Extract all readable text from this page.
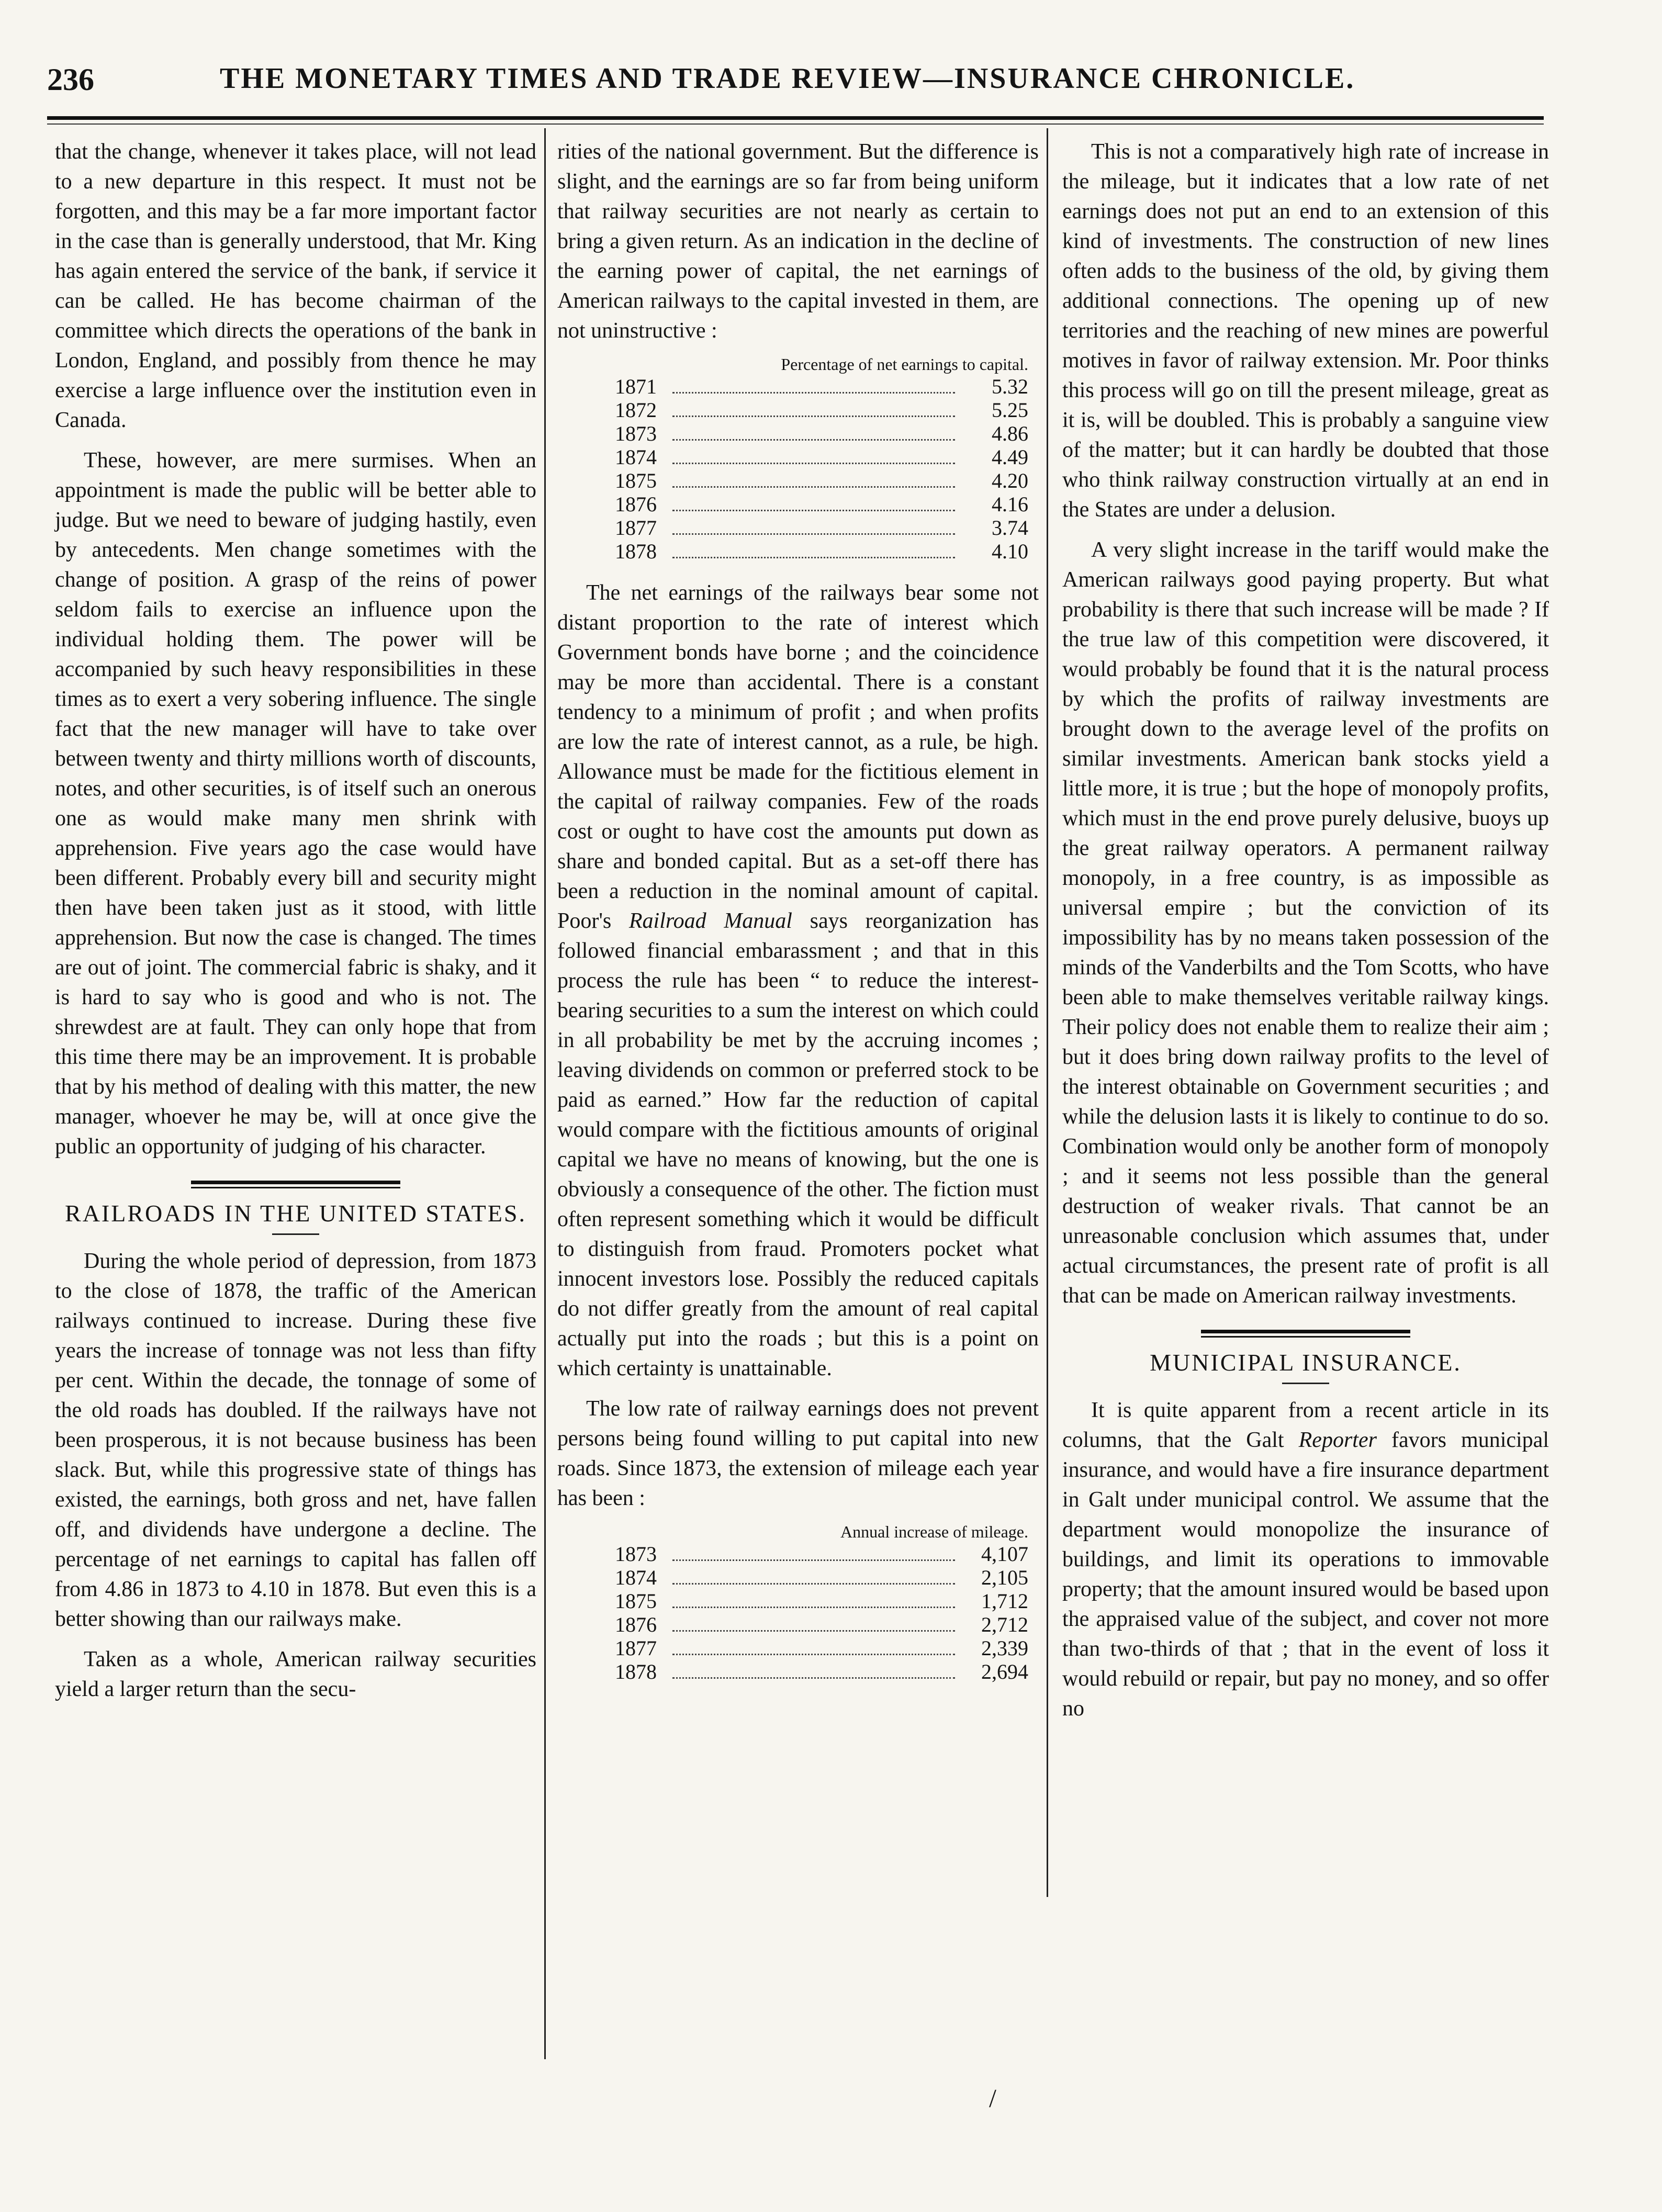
236	THE MONETARY TIMES AND TRADE REVIEW—INSURANCE CHRONICLE.

that the change, whenever it takes place, will not lead to a new departure in this respect. It must not be forgotten, and this may be a far more important factor in the case than is generally understood, that Mr. King has again entered the service of the bank, if service it can be called. He has become chairman of the committee which directs the operations of the bank in London, England, and possibly from thence he may exercise a large influence over the institution even in Canada.

These, however, are mere surmises. When an appointment is made the public will be better able to judge. But we need to beware of judging hastily, even by antecedents. Men change sometimes with the change of position. A grasp of the reins of power seldom fails to exercise an influence upon the individual holding them. The power will be accompanied by such heavy responsibilities in these times as to exert a very sobering influence. The single fact that the new manager will have to take over between twenty and thirty millions worth of discounts, notes, and other securities, is of itself such an onerous one as would make many men shrink with apprehension. Five years ago the case would have been different. Probably every bill and security might then have been taken just as it stood, with little apprehension. But now the case is changed. The times are out of joint. The commercial fabric is shaky, and it is hard to say who is good and who is not. The shrewdest are at fault. They can only hope that from this time there may be an improvement. It is probable that by his method of dealing with this matter, the new manager, whoever he may be, will at once give the public an opportunity of judging of his character.

RAILROADS IN THE UNITED STATES.

During the whole period of depression, from 1873 to the close of 1878, the traffic of the American railways continued to increase. During these five years the increase of tonnage was not less than fifty per cent. Within the decade, the tonnage of some of the old roads has doubled. If the railways have not been prosperous, it is not because business has been slack. But, while this progressive state of things has existed, the earnings, both gross and net, have fallen off, and dividends have undergone a decline. The percentage of net earnings to capital has fallen off from 4.86 in 1873 to 4.10 in 1878. But even this is a better showing than our railways make.

Taken as a whole, American railway securities yield a larger return than the secu-

rities of the national government. But the difference is slight, and the earnings are so far from being uniform that railway securities are not nearly as certain to bring a given return. As an indication in the decline of the earning power of capital, the net earnings of American railways to the capital invested in them, are not uninstructive :

Percentage of net earnings to capital.
1871	5.32
1872	5.25
1873	4.86
1874	4.49
1875	4.20
1876	4.16
1877	3.74
1878	4.10

The net earnings of the railways bear some not distant proportion to the rate of interest which Government bonds have borne ; and the coincidence may be more than accidental. There is a constant tendency to a minimum of profit ; and when profits are low the rate of interest cannot, as a rule, be high. Allowance must be made for the fictitious element in the capital of railway companies. Few of the roads cost or ought to have cost the amounts put down as share and bonded capital. But as a set-off there has been a reduction in the nominal amount of capital. Poor's Railroad Manual says reorganization has followed financial embarassment ; and that in this process the rule has been “ to reduce the interest-bearing securities to a sum the interest on which could in all probability be met by the accruing incomes ; leaving dividends on common or preferred stock to be paid as earned.” How far the reduction of capital would compare with the fictitious amounts of original capital we have no means of knowing, but the one is obviously a consequence of the other. The fiction must often represent something which it would be difficult to distinguish from fraud. Promoters pocket what innocent investors lose. Possibly the reduced capitals do not differ greatly from the amount of real capital actually put into the roads ; but this is a point on which certainty is unattainable.

The low rate of railway earnings does not prevent persons being found willing to put capital into new roads. Since 1873, the extension of mileage each year has been :

Annual increase of mileage.
1873	4,107
1874	2,105
1875	1,712
1876	2,712
1877	2,339
1878	2,694

This is not a comparatively high rate of increase in the mileage, but it indicates that a low rate of net earnings does not put an end to an extension of this kind of investments. The construction of new lines often adds to the business of the old, by giving them additional connections. The opening up of new territories and the reaching of new mines are powerful motives in favor of railway extension. Mr. Poor thinks this process will go on till the present mileage, great as it is, will be doubled. This is probably a sanguine view of the matter; but it can hardly be doubted that those who think railway construction virtually at an end in the States are under a delusion.

A very slight increase in the tariff would make the American railways good paying property. But what probability is there that such increase will be made ? If the true law of this competition were discovered, it would probably be found that it is the natural process by which the profits of railway investments are brought down to the average level of the profits on similar investments. American bank stocks yield a little more, it is true ; but the hope of monopoly profits, which must in the end prove purely delusive, buoys up the great railway operators. A permanent railway monopoly, in a free country, is as impossible as universal empire ; but the conviction of its impossibility has by no means taken possession of the minds of the Vanderbilts and the Tom Scotts, who have been able to make themselves veritable railway kings. Their policy does not enable them to realize their aim ; but it does bring down railway profits to the level of the interest obtainable on Government securities ; and while the delusion lasts it is likely to continue to do so. Combination would only be another form of monopoly ; and it seems not less possible than the general destruction of weaker rivals. That cannot be an unreasonable conclusion which assumes that, under actual circumstances, the present rate of profit is all that can be made on American railway investments.

MUNICIPAL INSURANCE.

It is quite apparent from a recent article in its columns, that the Galt Reporter favors municipal insurance, and would have a fire insurance department in Galt under municipal control. We assume that the department would monopolize the insurance of buildings, and limit its operations to immovable property; that the amount insured would be based upon the appraised value of the subject, and cover not more than two-thirds of that ; that in the event of loss it would rebuild or repair, but pay no money, and so offer no

/
